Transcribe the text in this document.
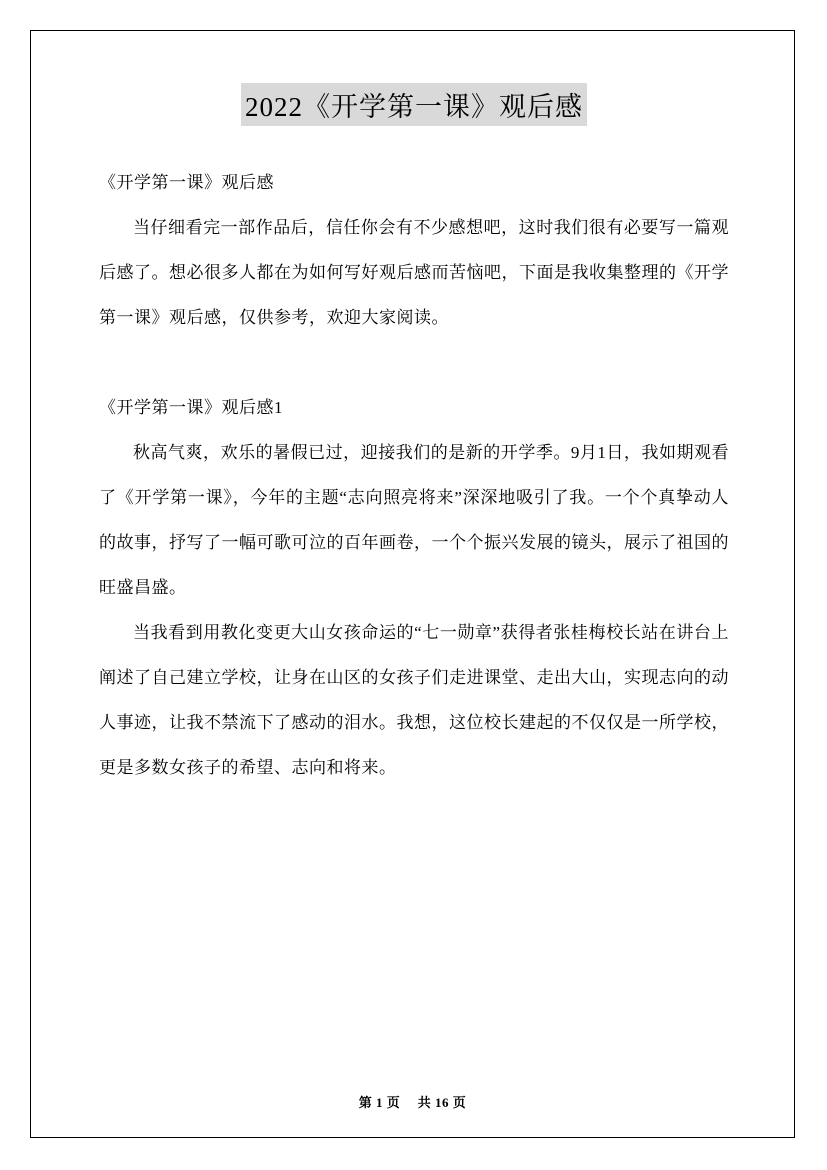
2022《开学第一课》观后感

《开学第一课》观后感

当仔细看完一部作品后，信任你会有不少感想吧，这时我们很有必要写一篇观后感了。想必很多人都在为如何写好观后感而苦恼吧，下面是我收集整理的《开学第一课》观后感，仅供参考，欢迎大家阅读。

《开学第一课》观后感1

秋高气爽，欢乐的暑假已过，迎接我们的是新的开学季。9月1日，我如期观看了《开学第一课》，今年的主题“志向照亮将来”深深地吸引了我。一个个真挚动人的故事，抒写了一幅可歌可泣的百年画卷，一个个振兴发展的镜头，展示了祖国的旺盛昌盛。

当我看到用教化变更大山女孩命运的“七一勋章”获得者张桂梅校长站在讲台上阐述了自己建立学校，让身在山区的女孩子们走进课堂、走出大山，实现志向的动人事迹，让我不禁流下了感动的泪水。我想，这位校长建起的不仅仅是一所学校，更是多数女孩子的希望、志向和将来。

第 1 页 共 16 页
